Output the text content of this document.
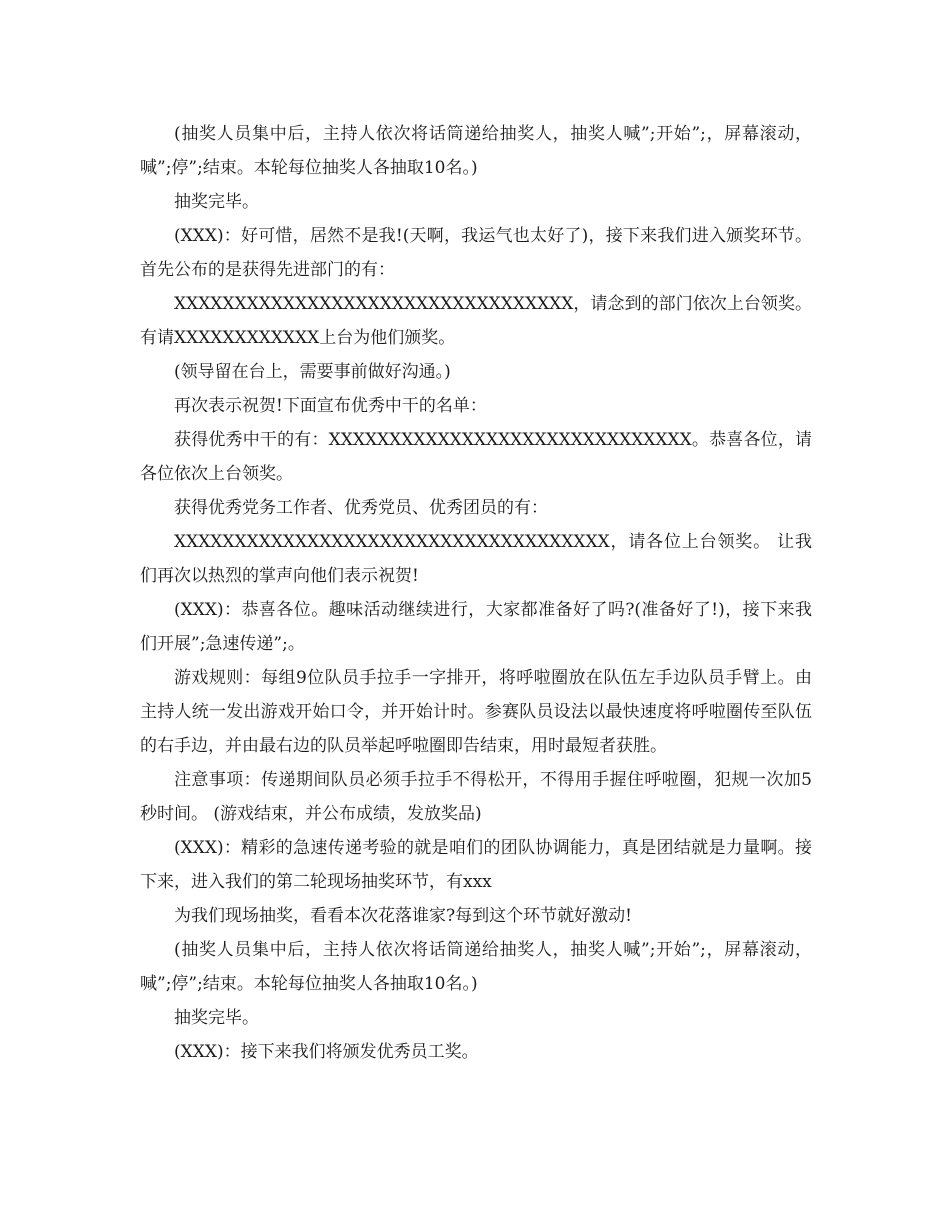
(抽奖人员集中后，主持人依次将话筒递给抽奖人，抽奖人喊”;开始”;，屏幕滚动，喊”;停”;结束。本轮每位抽奖人各抽取10名。)

抽奖完毕。

(XXX)：好可惜，居然不是我!(天啊，我运气也太好了)，接下来我们进入颁奖环节。 首先公布的是获得先进部门的有：

XXXXXXXXXXXXXXXXXXXXXXXXXXXXXXXXX，请念到的部门依次上台领奖。 有请XXXXXXXXXXXX上台为他们颁奖。

(领导留在台上，需要事前做好沟通。)

再次表示祝贺!下面宣布优秀中干的名单：

获得优秀中干的有：XXXXXXXXXXXXXXXXXXXXXXXXXXXXXX。恭喜各位，请各位依次上台领奖。

获得优秀党务工作者、优秀党员、优秀团员的有：

XXXXXXXXXXXXXXXXXXXXXXXXXXXXXXXXXXXX，请各位上台领奖。 让我们再次以热烈的掌声向他们表示祝贺!

(XXX)：恭喜各位。趣味活动继续进行，大家都准备好了吗?(准备好了!)，接下来我们开展”;急速传递”;。

游戏规则：每组9位队员手拉手一字排开，将呼啦圈放在队伍左手边队员手臂上。由主持人统一发出游戏开始口令，并开始计时。参赛队员设法以最快速度将呼啦圈传至队伍的右手边，并由最右边的队员举起呼啦圈即告结束，用时最短者获胜。

注意事项：传递期间队员必须手拉手不得松开，不得用手握住呼啦圈，犯规一次加5秒时间。 (游戏结束，并公布成绩，发放奖品)

(XXX)：精彩的急速传递考验的就是咱们的团队协调能力，真是团结就是力量啊。接下来，进入我们的第二轮现场抽奖环节，有xxx

为我们现场抽奖，看看本次花落谁家?每到这个环节就好激动!

(抽奖人员集中后，主持人依次将话筒递给抽奖人，抽奖人喊”;开始”;，屏幕滚动，喊”;停”;结束。本轮每位抽奖人各抽取10名。)

抽奖完毕。

(XXX)：接下来我们将颁发优秀员工奖。
